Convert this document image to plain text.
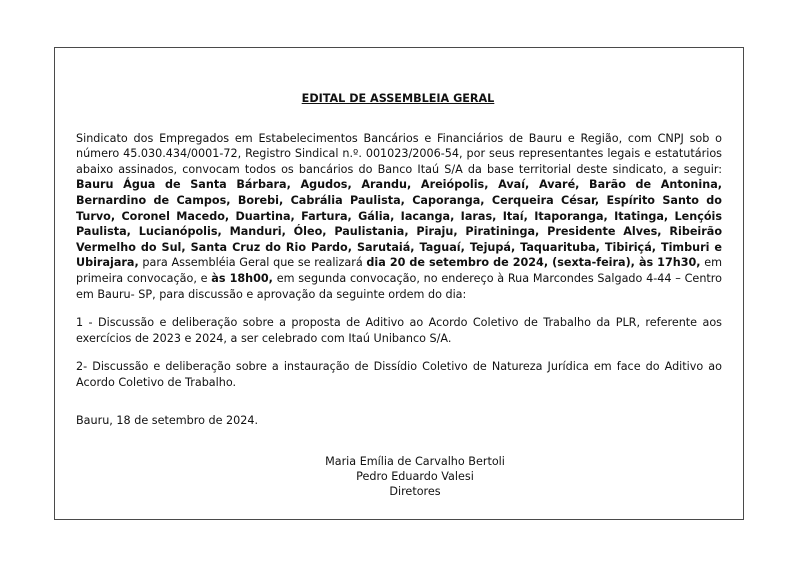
EDITAL DE ASSEMBLEIA GERAL

Sindicato dos Empregados em Estabelecimentos Bancários e Financiários de Bauru e Região, com CNPJ sob o número 45.030.434/0001-72, Registro Sindical n.º. 001023/2006-54, por seus representantes legais e estatutários abaixo assinados, convocam todos os bancários do Banco Itaú S/A da base territorial deste sindicato, a seguir: Bauru Água de Santa Bárbara, Agudos, Arandu, Areiópolis, Avaí, Avaré, Barão de Antonina, Bernardino de Campos, Borebi, Cabrália Paulista, Caporanga, Cerqueira César, Espírito Santo do Turvo, Coronel Macedo, Duartina, Fartura, Gália, Iacanga, Iaras, Itaí, Itaporanga, Itatinga, Lençóis Paulista, Lucianópolis, Manduri, Óleo, Paulistania, Piraju, Piratininga, Presidente Alves, Ribeirão Vermelho do Sul, Santa Cruz do Rio Pardo, Sarutaiá, Taguaí, Tejupá, Taquarituba, Tibiriçá, Timburi e Ubirajara, para Assembléia Geral que se realizará dia 20 de setembro de 2024, (sexta-feira), às 17h30, em primeira convocação, e às 18h00, em segunda convocação, no endereço à Rua Marcondes Salgado 4-44 – Centro em Bauru- SP, para discussão e aprovação da seguinte ordem do dia:

1 - Discussão e deliberação sobre a proposta de Aditivo ao Acordo Coletivo de Trabalho da PLR, referente aos exercícios de 2023 e 2024, a ser celebrado com Itaú Unibanco S/A.

2- Discussão e deliberação sobre a instauração de Dissídio Coletivo de Natureza Jurídica em face do Aditivo ao Acordo Coletivo de Trabalho.

Bauru, 18 de setembro de 2024.

Maria Emília de Carvalho Bertoli
Pedro Eduardo Valesi
Diretores
